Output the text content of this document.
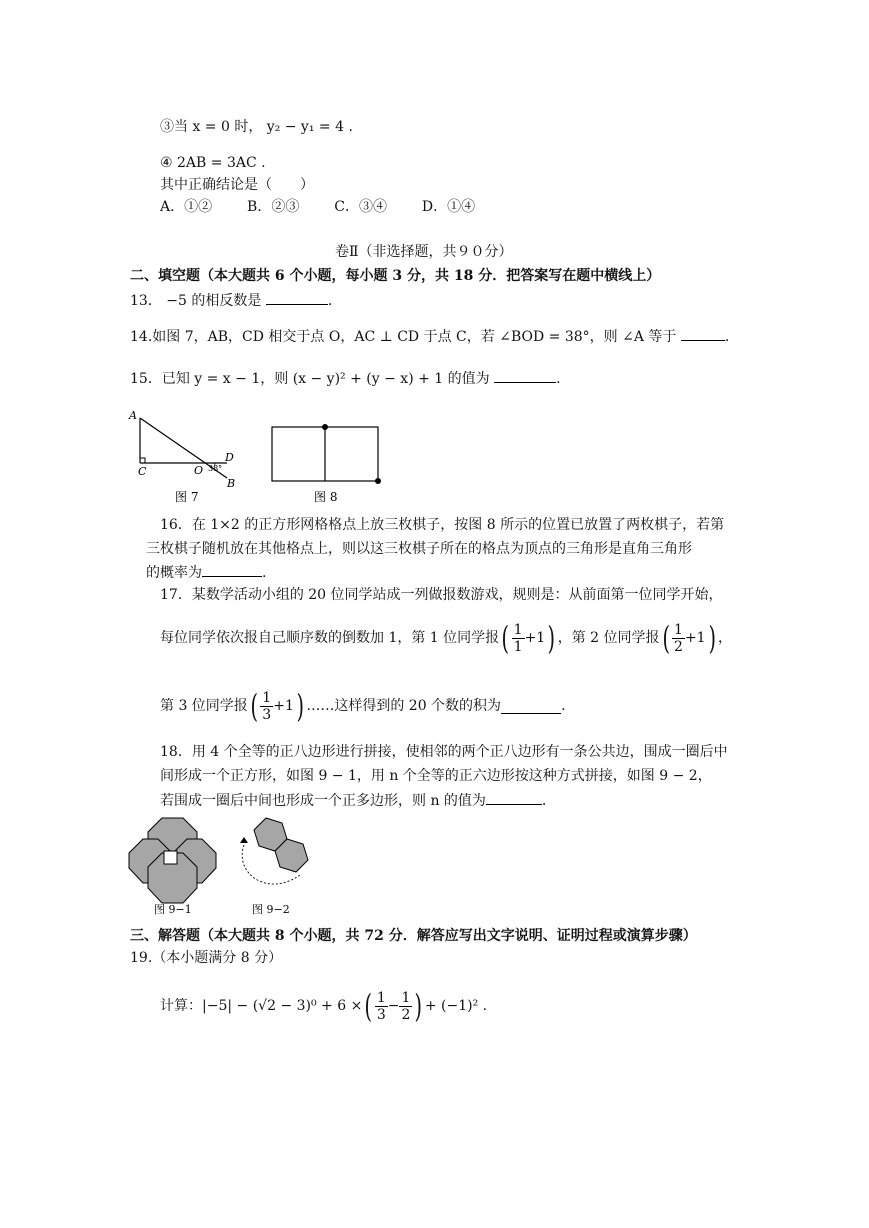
③当 x = 0 时， y₂ − y₁ = 4 .
④ 2AB = 3AC .
其中正确结论是（　　）
A．①② B．②③ C．③④ D．①④
卷Ⅱ（非选择题，共９０分）
二、填空题（本大题共 6 个小题，每小题 3 分，共 18 分．把答案写在题中横线上）
13． −5 的相反数是	.
14.如图 7，AB，CD 相交于点 O，AC ⊥ CD 于点 C，若 ∠BOD = 38°，则 ∠A 等于	.
15．已知 y = x − 1，则 (x − y)² + (y − x) + 1 的值为	.
A
C	O
D
B
38°
图 7	图 8
16．在 1×2 的正方形网格格点上放三枚棋子，按图 8 所示的位置已放置了两枚棋子，若第
三枚棋子随机放在其他格点上，则以这三枚棋子所在的格点为顶点的三角形是直角三角形
的概率为	.
17．某数学活动小组的 20 位同学站成一列做报数游戏，规则是：从前面第一位同学开始，
每位同学依次报自己顺序数的倒数加 1，第 1 位同学报 ( $\frac{1}{1} +1$ ) ，第 2 位同学报 ( $\frac{1}{2} +1$ ) ，
第 3 位同学报 ( $\frac{1}{3} +1$ ) ……这样得到的 20 个数的积为	.
18．用 4 个全等的正八边形进行拼接，使相邻的两个正八边形有一条公共边，围成一圈后中
间形成一个正方形，如图 9 − 1，用 n 个全等的正六边形按这种方式拼接，如图 9 − 2，
若围成一圈后中间也形成一个正多边形，则 n 的值为	.
图 9−1	图 9−2
三、解答题（本大题共 8 个小题，共 72 分．解答应写出文字说明、证明过程或演算步骤）
19.（本小题满分 8 分）
计算： |−5| − (√2 − 3)⁰ + 6 × ( $\frac{1}{3} - \frac{1}{2}$ ) + (−1)² .
